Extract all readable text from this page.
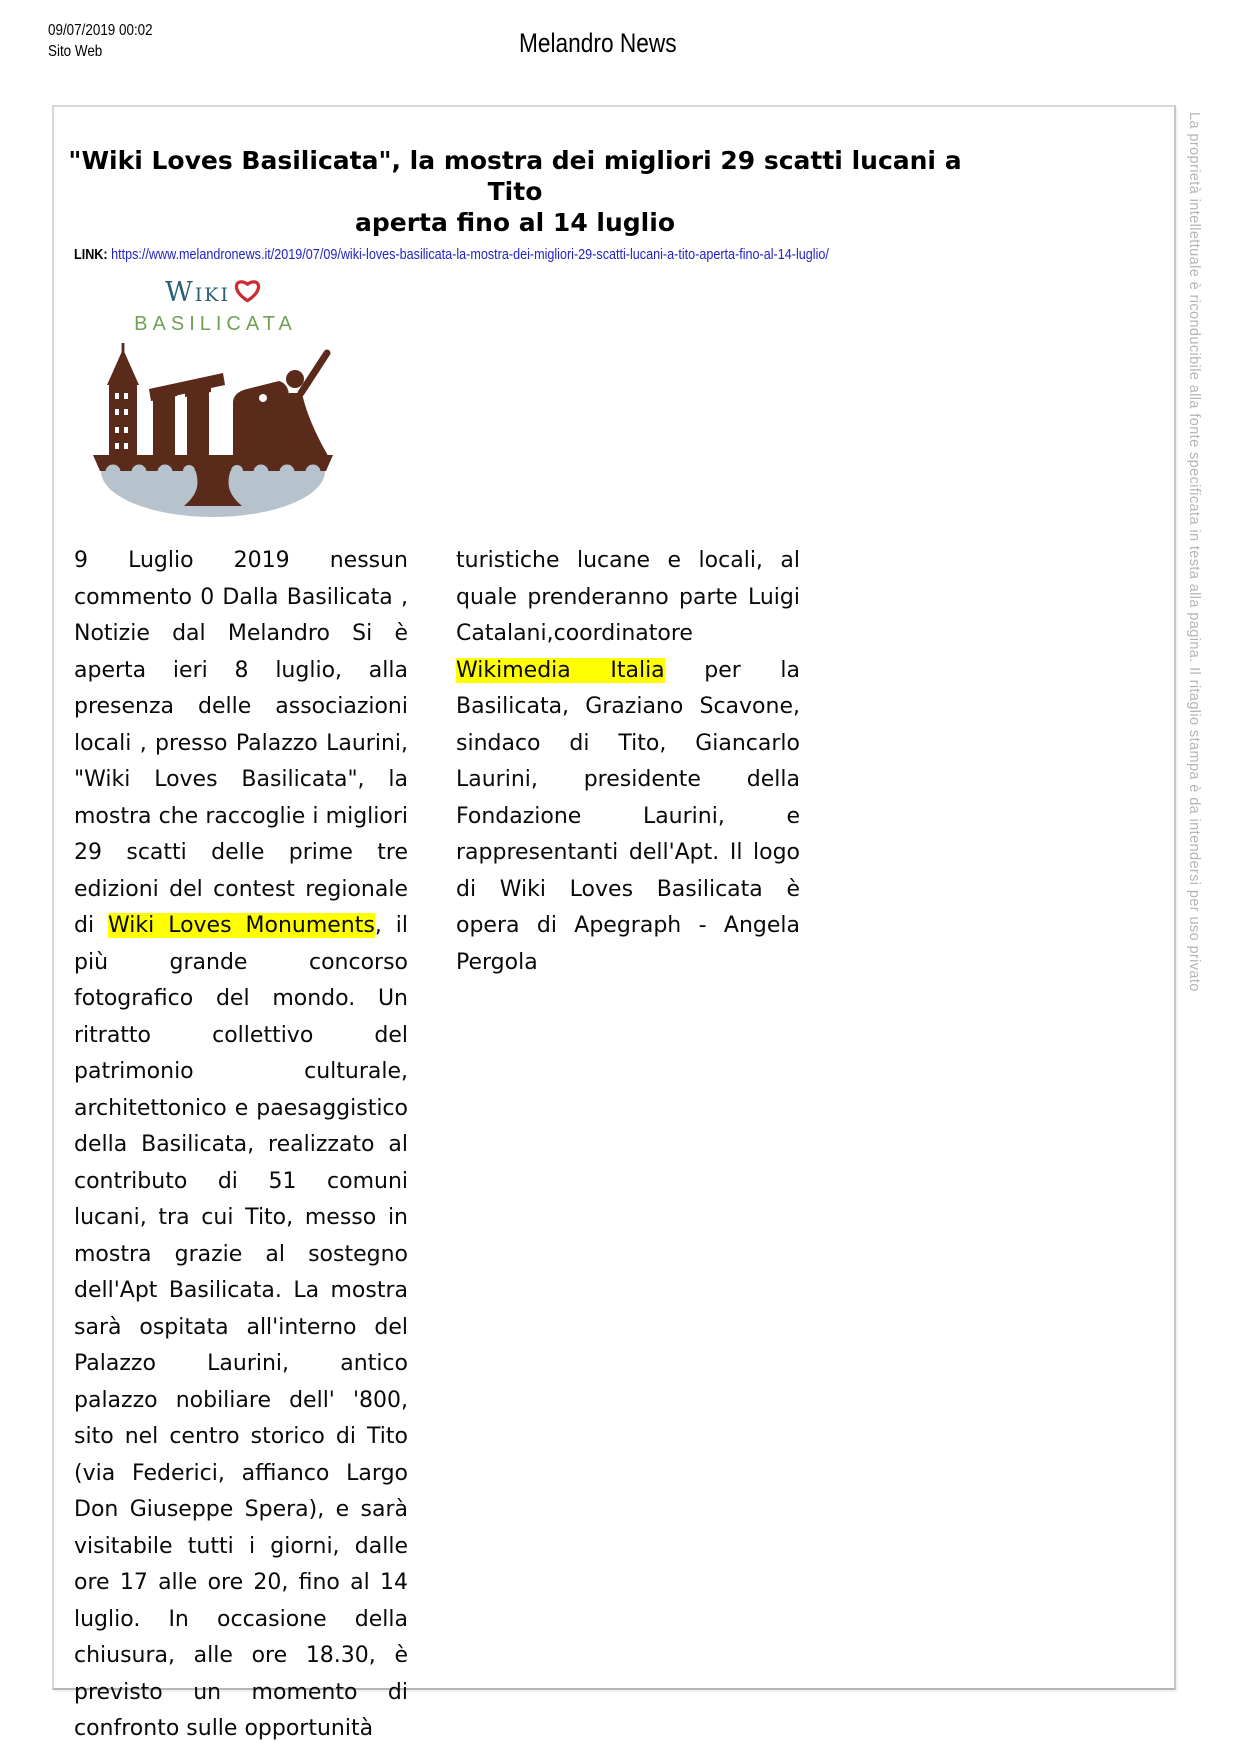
09/07/2019 00:02
Sito Web	Melandro News
"Wiki Loves Basilicata", la mostra dei migliori 29 scatti lucani a Tito
aperta fino al 14 luglio
LINK: https://www.melandronews.it/2019/07/09/wiki-loves-basilicata-la-mostra-dei-migliori-29-scatti-lucani-a-tito-aperta-fino-al-14-luglio/
Wiki
BASILICATA
9 Luglio 2019 nessun commento 0 Dalla Basilicata , Notizie dal Melandro Si è aperta ieri 8 luglio, alla presenza delle associazioni locali , presso Palazzo Laurini, "Wiki Loves Basilicata", la mostra che raccoglie i migliori 29 scatti delle prime tre edizioni del contest regionale di Wiki Loves Monuments, il più grande concorso fotografico del mondo. Un ritratto collettivo del patrimonio culturale, architettonico e paesaggistico della Basilicata, realizzato al contributo di 51 comuni lucani, tra cui Tito, messo in mostra grazie al sostegno dell'Apt Basilicata. La mostra sarà ospitata all'interno del Palazzo Laurini, antico palazzo nobiliare dell' '800, sito nel centro storico di Tito (via Federici, affianco Largo Don Giuseppe Spera), e sarà visitabile tutti i giorni, dalle ore 17 alle ore 20, fino al 14 luglio. In occasione della chiusura, alle ore 18.30, è previsto un momento di confronto sulle opportunità
turistiche lucane e locali, al quale prenderanno parte Luigi Catalani,coordinatore Wikimedia Italia per la Basilicata, Graziano Scavone, sindaco di Tito, Giancarlo Laurini, presidente della Fondazione Laurini, e rappresentanti dell'Apt. Il logo di Wiki Loves Basilicata è opera di Apegraph - Angela Pergola	La proprietà intellettuale è riconducibile alla fonte specificata in testa alla pagina. Il ritaglio stampa è da intendersi per uso privato
